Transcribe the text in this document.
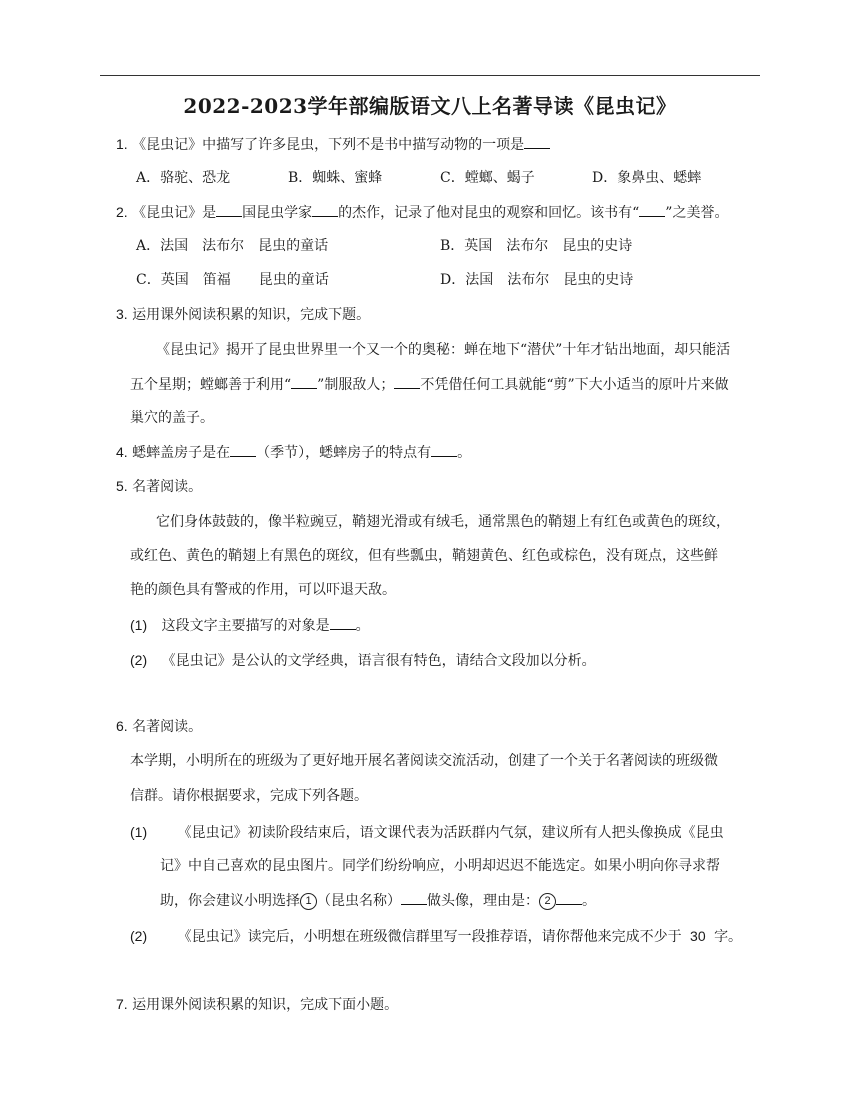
2022-2023学年部编版语文八上名著导读《昆虫记》
1. 《昆虫记》中描写了许多昆虫，下列不是书中描写动物的一项是
A．骆驼、恐龙	B．蜘蛛、蜜蜂	C．螳螂、蝎子	D．象鼻虫、蟋蟀
2. 《昆虫记》是 国昆虫学家 的杰作，记录了他对昆虫的观察和回忆。该书有“ ”之美誉。
A．法国　法布尔　昆虫的童话	B．英国　法布尔　昆虫的史诗
C．英国　笛福　　昆虫的童话	D．法国　法布尔　昆虫的史诗
3. 运用课外阅读积累的知识，完成下题。
《昆虫记》揭开了昆虫世界里一个又一个的奥秘：蝉在地下“潜伏”十年才钻出地面，却只能活
五个星期；螳螂善于利用“ ”制服敌人； 不凭借任何工具就能“剪”下大小适当的原叶片来做
巢穴的盖子。
4. 蟋蟀盖房子是在 （季节），蟋蟀房子的特点有 。
5. 名著阅读。
它们身体鼓鼓的，像半粒豌豆，鞘翅光滑或有绒毛，通常黑色的鞘翅上有红色或黄色的斑纹，
或红色、黄色的鞘翅上有黑色的斑纹，但有些瓢虫，鞘翅黄色、红色或棕色，没有斑点，这些鲜
艳的颜色具有警戒的作用，可以吓退天敌。
(1) 这段文字主要描写的对象是 。
(2) 《昆虫记》是公认的文学经典，语言很有特色，请结合文段加以分析。
6. 名著阅读。
本学期，小明所在的班级为了更好地开展名著阅读交流活动，创建了一个关于名著阅读的班级微
信群。请你根据要求，完成下列各题。
(1) 《昆虫记》初读阶段结束后，语文课代表为活跃群内气氛，建议所有人把头像换成《昆虫
记》中自己喜欢的昆虫图片。同学们纷纷响应，小明却迟迟不能选定。如果小明向你寻求帮
助，你会建议小明选择 1 （昆虫名称） 做头像，理由是： 2 。
(2) 《昆虫记》读完后，小明想在班级微信群里写一段推荐语，请你帮他来完成不少于 30 字。
7. 运用课外阅读积累的知识，完成下面小题。
